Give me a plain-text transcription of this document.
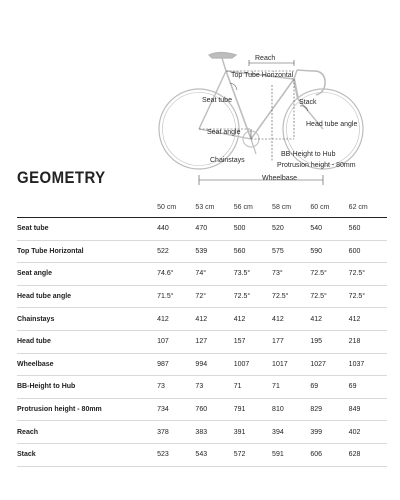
Reach
Top Tube Horizontal
Seat tube	Stack
Head tube angle
Seat angle
Chainstays
BB-Height to Hub
Protrusion height - 80mm
Wheelbase
GEOMETRY
	50 cm	53 cm	56 cm	58 cm	60 cm	62 cm
Seat tube	440	470	500	520	540	560
Top Tube Horizontal	522	539	560	575	590	600
Seat angle	74.6°	74°	73.5°	73°	72.5°	72.5°
Head tube angle	71.5°	72°	72.5°	72.5°	72.5°	72.5°
Chainstays	412	412	412	412	412	412
Head tube	107	127	157	177	195	218
Wheelbase	987	994	1007	1017	1027	1037
BB-Height to Hub	73	73	71	71	69	69
Protrusion height - 80mm	734	760	791	810	829	849
Reach	378	383	391	394	399	402
Stack	523	543	572	591	606	628
